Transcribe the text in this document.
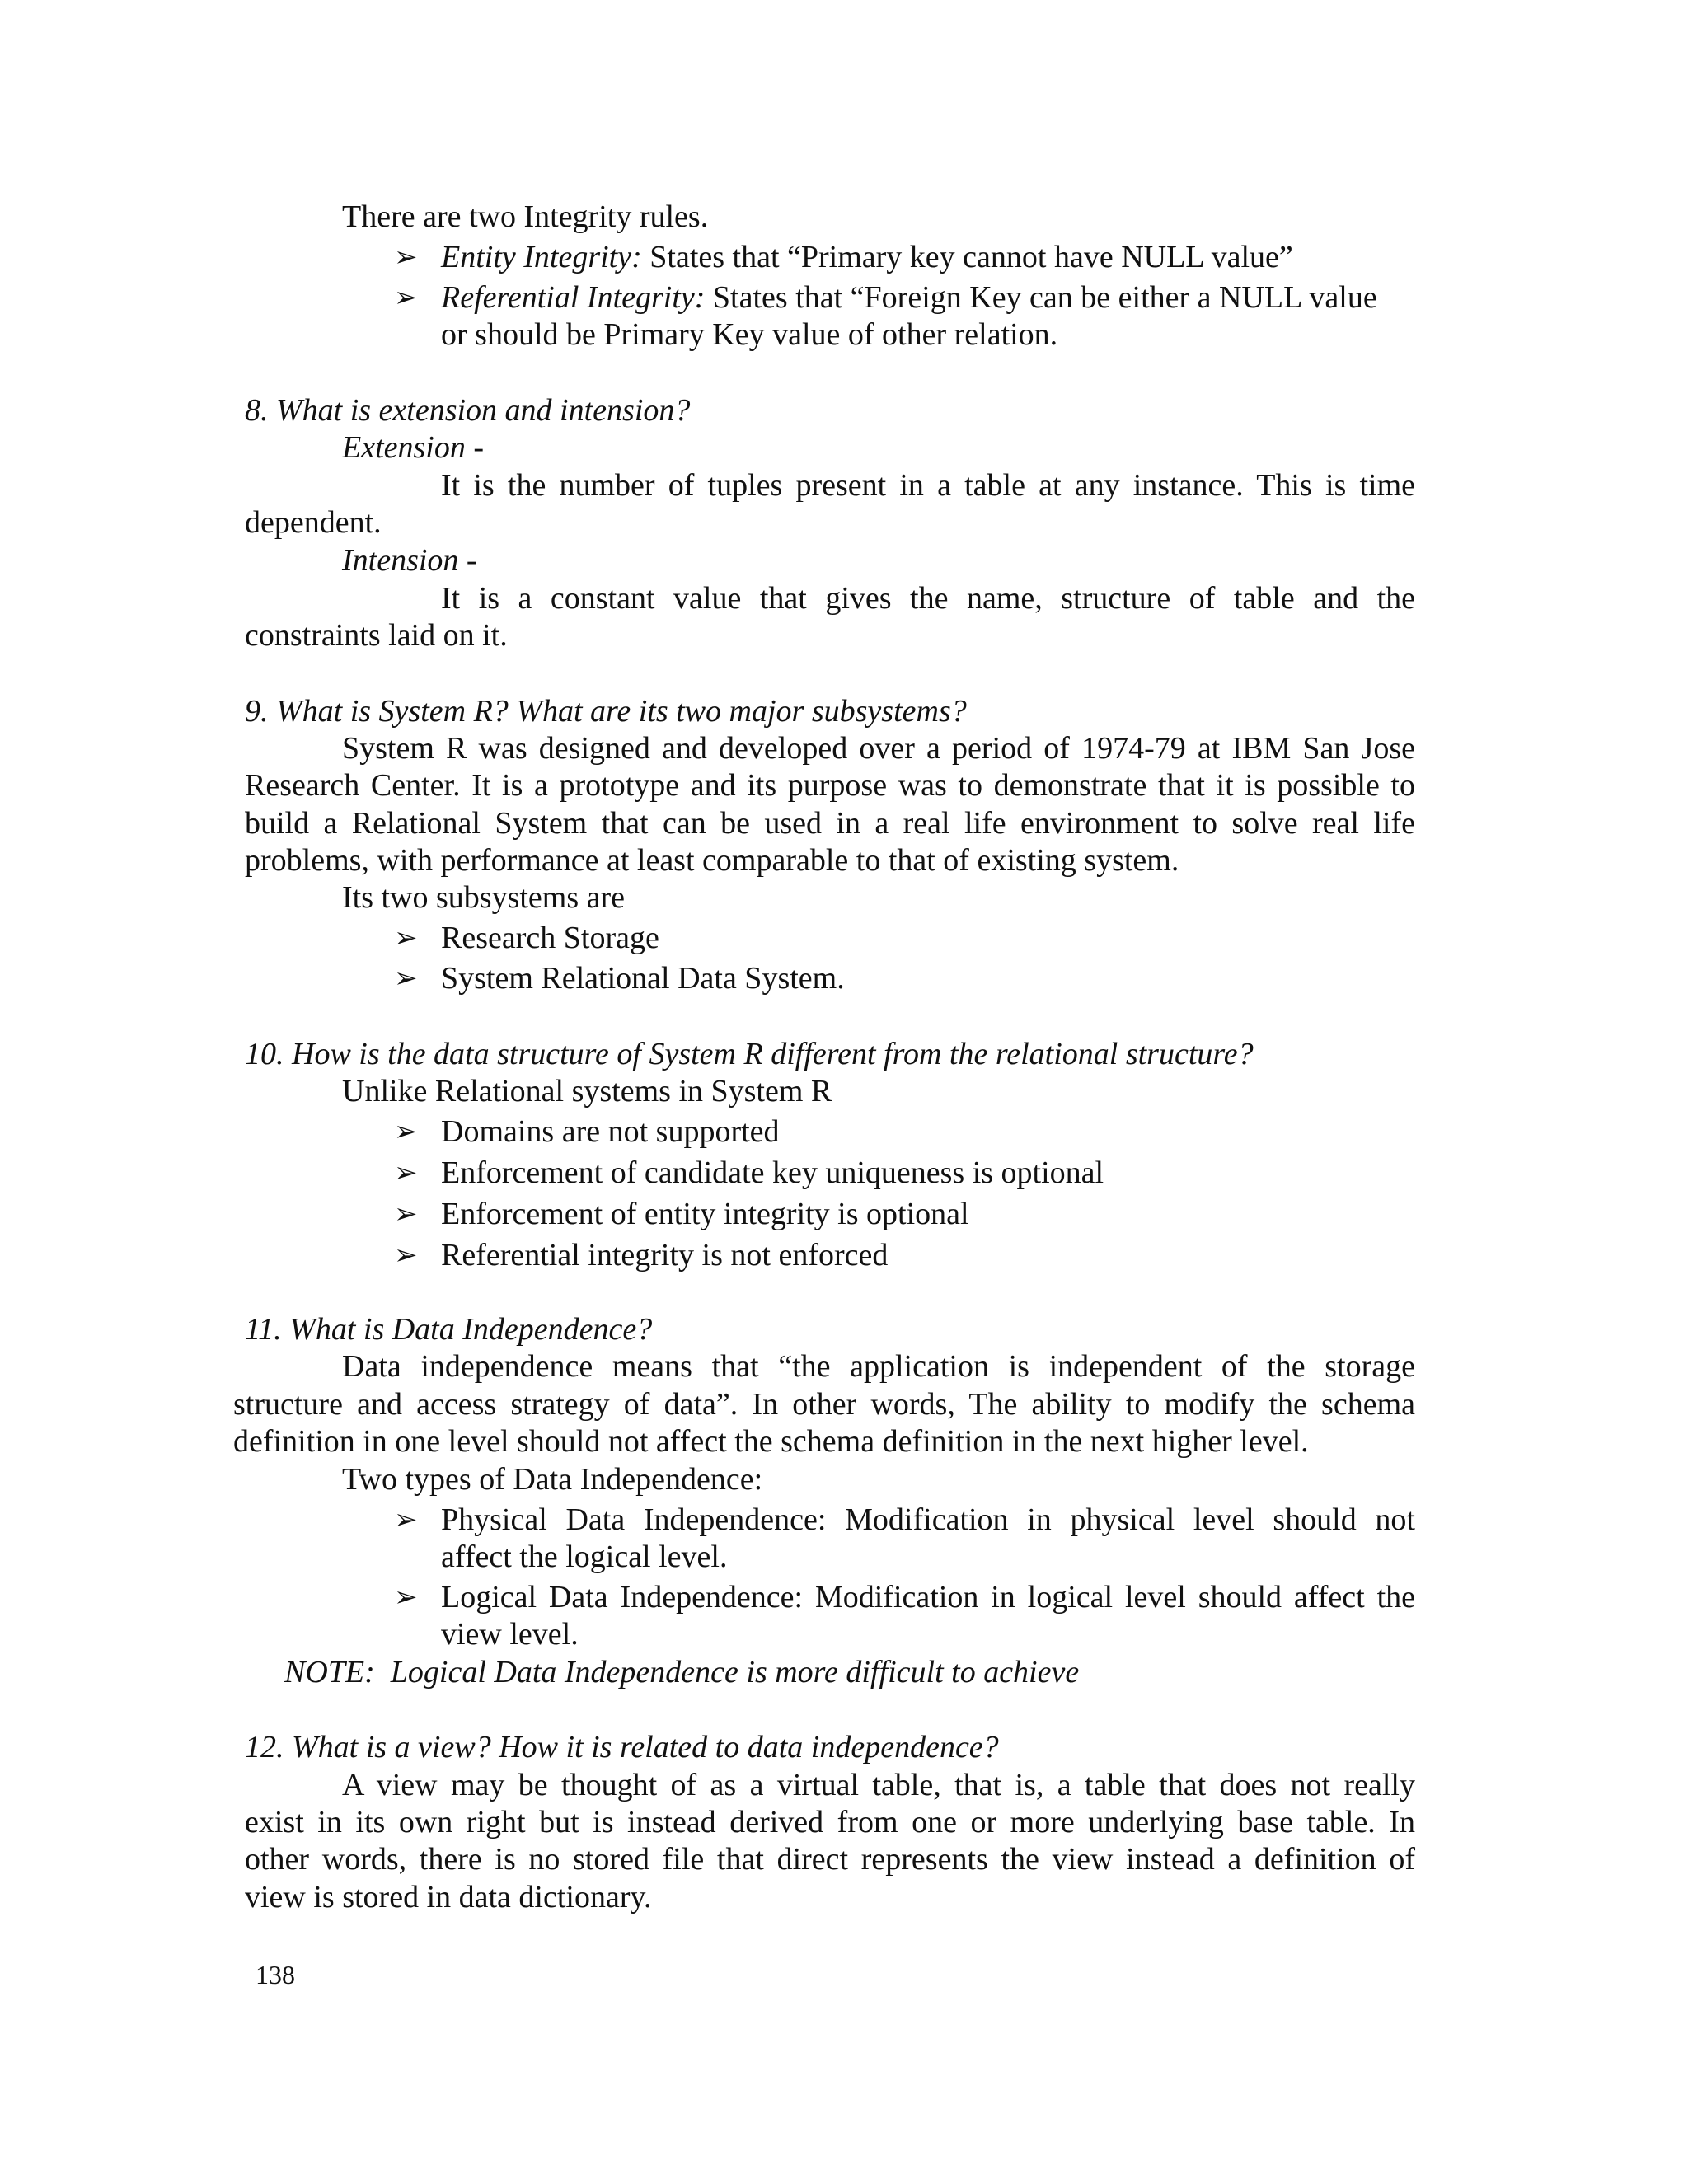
There are two Integrity rules.

➢ Entity Integrity: States that “Primary key cannot have NULL value”

➢ Referential Integrity: States that “Foreign Key can be either a NULL value

or should be Primary Key value of other relation.

8. What is extension and intension?

Extension -

It is the number of tuples present in a table at any instance. This is time

dependent.

Intension -

It is a constant value that gives the name, structure of table and the

constraints laid on it.

9. What is System R? What are its two major subsystems?

System R was designed and developed over a period of 1974-79 at IBM San Jose

Research Center. It is a prototype and its purpose was to demonstrate that it is possible to

build a Relational System that can be used in a real life environment to solve real life

problems, with performance at least comparable to that of existing system.

Its two subsystems are

➢ Research Storage

➢ System Relational Data System.

10. How is the data structure of System R different from the relational structure?

Unlike Relational systems in System R

➢ Domains are not supported

➢ Enforcement of candidate key uniqueness is optional

➢ Enforcement of entity integrity is optional

➢ Referential integrity is not enforced

11. What is Data Independence?

Data independence means that “the application is independent of the storage

structure and access strategy of data”. In other words, The ability to modify the schema

definition in one level should not affect the schema definition in the next higher level.

Two types of Data Independence:

➢ Physical Data Independence: Modification in physical level should not

affect the logical level.

➢ Logical Data Independence: Modification in logical level should affect the

view level.

NOTE:  Logical Data Independence is more difficult to achieve

12. What is a view? How it is related to data independence?

A view may be thought of as a virtual table, that is, a table that does not really

exist in its own right but is instead derived from one or more underlying base table. In

other words, there is no stored file that direct represents the view instead a definition of

view is stored in data dictionary.

138
